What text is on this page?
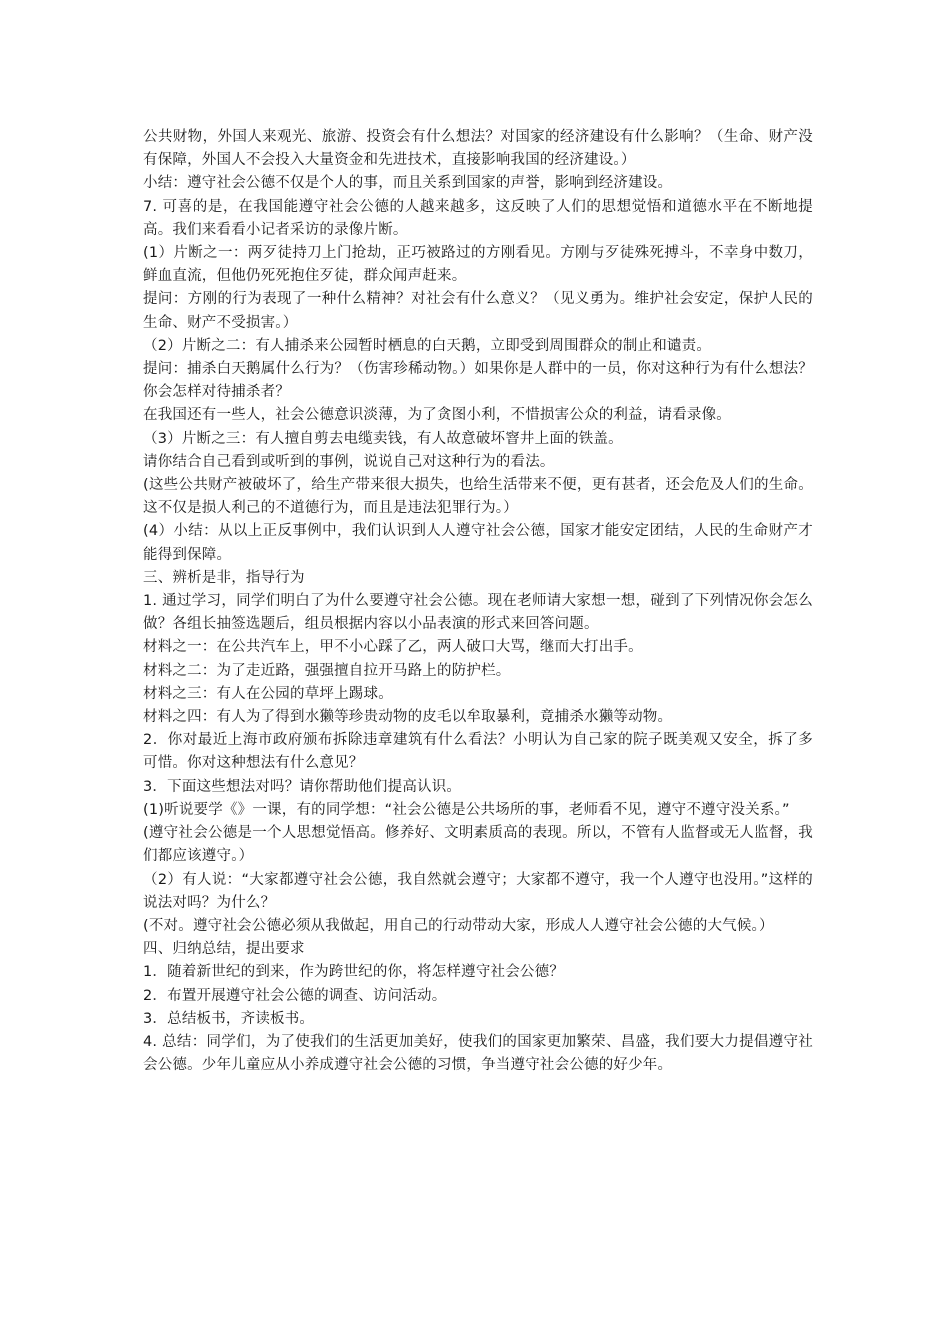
公共财物，外国人来观光、旅游、投资会有什么想法？对国家的经济建设有什么影响？（生命、财产没有保障，外国人不会投入大量资金和先进技术，直接影响我国的经济建设。）

小结：遵守社会公德不仅是个人的事，而且关系到国家的声誉，影响到经济建设。

7. 可喜的是，在我国能遵守社会公德的人越来越多，这反映了人们的思想觉悟和道德水平在不断地提高。我们来看看小记者采访的录像片断。

(1）片断之一：两歹徒持刀上门抢劫，正巧被路过的方刚看见。方刚与歹徒殊死搏斗，不幸身中数刀，鲜血直流，但他仍死死抱住歹徒，群众闻声赶来。

提问：方刚的行为表现了一种什么精神？对社会有什么意义？（见义勇为。维护社会安定，保护人民的生命、财产不受损害。）

（2）片断之二：有人捕杀来公园暂时栖息的白天鹅，立即受到周围群众的制止和谴责。

提问：捕杀白天鹅属什么行为？（伤害珍稀动物。）如果你是人群中的一员，你对这种行为有什么想法？你会怎样对待捕杀者？

在我国还有一些人，社会公德意识淡薄，为了贪图小利，不惜损害公众的利益，请看录像。

（3）片断之三：有人擅自剪去电缆卖钱，有人故意破坏窨井上面的铁盖。

请你结合自己看到或听到的事例，说说自己对这种行为的看法。

(这些公共财产被破坏了，给生产带来很大损失，也给生活带来不便，更有甚者，还会危及人们的生命。这不仅是损人利己的不道德行为，而且是违法犯罪行为。）

(4）小结：从以上正反事例中，我们认识到人人遵守社会公德，国家才能安定团结，人民的生命财产才能得到保障。

三、辨析是非，指导行为

1. 通过学习，同学们明白了为什么要遵守社会公德。现在老师请大家想一想，碰到了下列情况你会怎么做？各组长抽签选题后，组员根据内容以小品表演的形式来回答问题。

材料之一：在公共汽车上，甲不小心踩了乙，两人破口大骂，继而大打出手。

材料之二：为了走近路，强强擅自拉开马路上的防护栏。

材料之三：有人在公园的草坪上踢球。

材料之四：有人为了得到水獭等珍贵动物的皮毛以牟取暴利，竟捕杀水獭等动物。

2．你对最近上海市政府颁布拆除违章建筑有什么看法？小明认为自己家的院子既美观又安全，拆了多可惜。你对这种想法有什么意见？

3．下面这些想法对吗？请你帮助他们提高认识。

(1)听说要学《》一课，有的同学想：“社会公德是公共场所的事，老师看不见，遵守不遵守没关系。”

(遵守社会公德是一个人思想觉悟高。修养好、文明素质高的表现。所以，不管有人监督或无人监督，我们都应该遵守。）

（2）有人说：“大家都遵守社会公德，我自然就会遵守；大家都不遵守，我一个人遵守也没用。”这样的说法对吗？为什么？

(不对。遵守社会公德必须从我做起，用自己的行动带动大家，形成人人遵守社会公德的大气候。）

四、归纳总结，提出要求

1．随着新世纪的到来，作为跨世纪的你，将怎样遵守社会公德？

2．布置开展遵守社会公德的调查、访问活动。

3．总结板书，齐读板书。

4. 总结：同学们，为了使我们的生活更加美好，使我们的国家更加繁荣、昌盛，我们要大力提倡遵守社会公德。少年儿童应从小养成遵守社会公德的习惯，争当遵守社会公德的好少年。
